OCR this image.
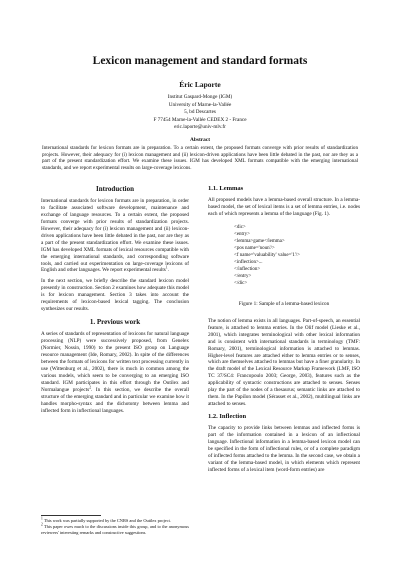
Lexicon management and standard formats
Éric Laporte
Institut Gaspard-Monge (IGM)
University of Marne-la-Vallée
5, bd Descartes
F 77454 Marne-la-Vallée CEDEX 2 - France
eric.laporte@univ-mlv.fr
Abstract
International standards for lexicon formats are in preparation. To a certain extent, the proposed formats converge with prior results of standardization projects. However, their adequacy for (i) lexicon management and (ii) lexicon-driven applications have been little debated in the past, nor are they as a part of the present standardization effort. We examine these issues. IGM has developed XML formats compatible with the emerging international standards, and we report experimental results on large-coverage lexicons.
Introduction

International standards for lexicon formats are in preparation, in order to facilitate associated software development, maintenance and exchange of language resources. To a certain extent, the proposed formats converge with prior results of standardization projects. However, their adequacy for (i) lexicon management and (ii) lexicon-driven applications have been little debated in the past, nor are they as a part of the present standardization effort. We examine these issues. IGM has developed XML formats of lexical resources compatible with the emerging international standards, and corresponding software tools, and carried out experimentation on large-coverage lexicons of English and other languages. We report experimental results$^1$.

In the next section, we briefly describe the standard lexicon model presently in construction. Section 2 examines how adequate this model is for lexicon management. Section 3 takes into account the requirements of lexicon-based lexical tagging. The conclusion synthesizes our results.

1. Previous work

A series of standards of representation of lexicons for natural language processing (NLP) were successively proposed, from Genelex (Normier, Nossin, 1990) to the present ISO group on Language resource management (Ide, Romary, 2002). In spite of the differences between the formats of lexicons for written text processing currently in use (Wittenburg et al., 2002), there is much in common among the various models, which seem to be converging to an emerging ISO standard. IGM participates in this effort through the Outilex and Normalangue projects$^2$. In this section, we describe the overall structure of the emerging standard and in particular we examine how it handles morpho-syntax and the dichotomy between lemma and inflected form in inflectional languages.

$^1$ This work was partially supported by the CNRS and the Outilex project.
$^2$ This paper owes much to the discussions inside this group, and to the anonymous reviewers' interesting remarks and constructive suggestions.
1.1. Lemmas

All proposed models have a lemma-based overall structure. In a lemma-based model, the set of lexical items is a set of lemma entries, i.e. nodes each of which represents a lemma of the language (Fig. 1).

<dic>
<entry>
<lemma>game</lemma>
<pos name='noun'/>
<f name='valuability' value='1'/>
<inflection>...
</inflection>
</entry>
</dic>
Figure 1: Sample of a lemma-based lexicon

The notion of lemma exists in all languages. Part-of-speech, an essential feature, is attached to lemma entries. In the Olif model (Lieske et al., 2001), which integrates terminological with other lexical information and is consistent with international standards in terminology (TMF: Romary, 2001), terminological information is attached to lemmas. Higher-level features are attached either to lemma entries or to senses, which are themselves attached to lemmas but have a finer granularity. In the draft model of the Lexical Resource Markup Framework (LMF, ISO TC 37/SC4: Francopoulo 2003; George, 2003), features such as the applicability of syntactic constructions are attached to senses. Senses play the part of the nodes of a thesaurus; semantic links are attached to them. In the PapiIon model (Sérasset et al., 2002), multilingual links are attached to senses.

1.2. Inflection

The capacity to provide links between lemmas and inflected forms is part of the information contained in a lexicon of an inflectional language. Inflectional information in a lemma-based lexicon model can be specified in the form of inflectional rules, or of a complete paradigm of inflected forms attached to the lemma. In the second case, we obtain a variant of the lemma-based model, in which elements which represent inflected forms of a lexical item (word-form entries) are
